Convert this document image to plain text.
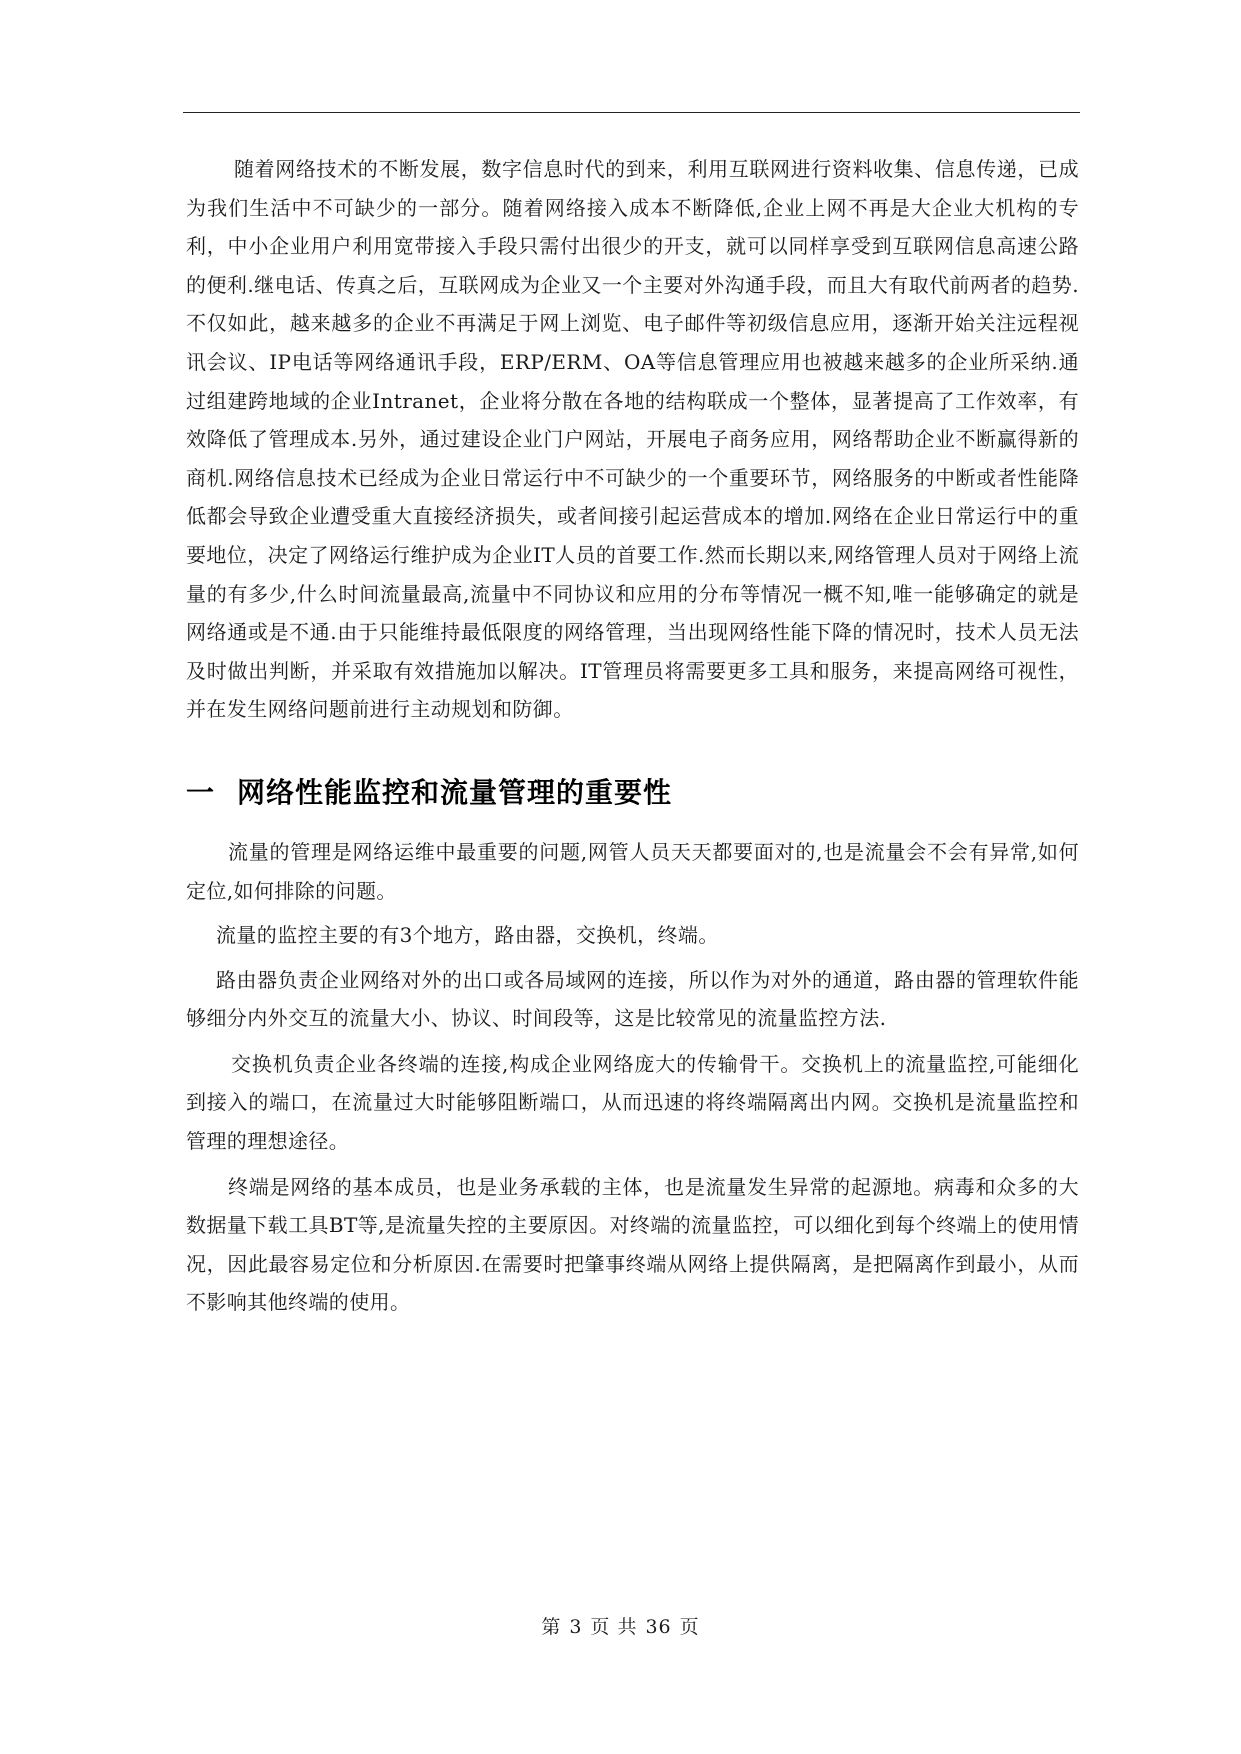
随着网络技术的不断发展，数字信息时代的到来，利用互联网进行资料收集、信息传递，已成为我们生活中不可缺少的一部分。随着网络接入成本不断降低,企业上网不再是大企业大机构的专利，中小企业用户利用宽带接入手段只需付出很少的开支，就可以同样享受到互联网信息高速公路的便利.继电话、传真之后，互联网成为企业又一个主要对外沟通手段，而且大有取代前两者的趋势.不仅如此，越来越多的企业不再满足于网上浏览、电子邮件等初级信息应用，逐渐开始关注远程视讯会议、IP电话等网络通讯手段，ERP/ERM、OA等信息管理应用也被越来越多的企业所采纳.通过组建跨地域的企业Intranet，企业将分散在各地的结构联成一个整体，显著提高了工作效率，有效降低了管理成本.另外，通过建设企业门户网站，开展电子商务应用，网络帮助企业不断赢得新的商机.网络信息技术已经成为企业日常运行中不可缺少的一个重要环节，网络服务的中断或者性能降低都会导致企业遭受重大直接经济损失，或者间接引起运营成本的增加.网络在企业日常运行中的重要地位，决定了网络运行维护成为企业IT人员的首要工作.然而长期以来,网络管理人员对于网络上流量的有多少,什么时间流量最高,流量中不同协议和应用的分布等情况一概不知,唯一能够确定的就是网络通或是不通.由于只能维持最低限度的网络管理，当出现网络性能下降的情况时，技术人员无法及时做出判断，并采取有效措施加以解决。IT管理员将需要更多工具和服务，来提高网络可视性，并在发生网络问题前进行主动规划和防御。

一 网络性能监控和流量管理的重要性

流量的管理是网络运维中最重要的问题,网管人员天天都要面对的,也是流量会不会有异常,如何定位,如何排除的问题。

流量的监控主要的有3个地方，路由器，交换机，终端。

路由器负责企业网络对外的出口或各局域网的连接，所以作为对外的通道，路由器的管理软件能够细分内外交互的流量大小、协议、时间段等，这是比较常见的流量监控方法.

交换机负责企业各终端的连接,构成企业网络庞大的传输骨干。交换机上的流量监控,可能细化到接入的端口，在流量过大时能够阻断端口，从而迅速的将终端隔离出内网。交换机是流量监控和管理的理想途径。

终端是网络的基本成员，也是业务承载的主体，也是流量发生异常的起源地。病毒和众多的大数据量下载工具BT等,是流量失控的主要原因。对终端的流量监控，可以细化到每个终端上的使用情况，因此最容易定位和分析原因.在需要时把肇事终端从网络上提供隔离，是把隔离作到最小，从而不影响其他终端的使用。

第 3 页 共 36 页
